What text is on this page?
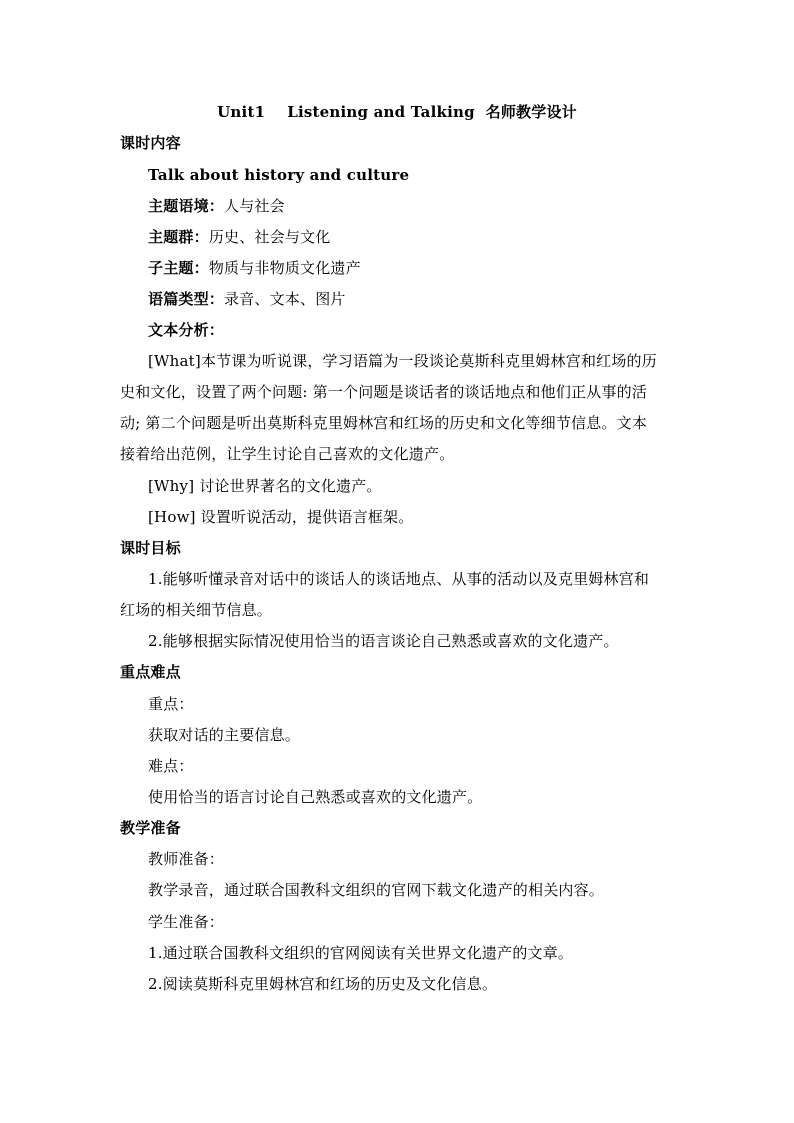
Unit1 Listening and Talking 名师教学设计
课时内容
Talk about history and culture
主题语境：人与社会
主题群：历史、社会与文化
子主题：物质与非物质文化遗产
语篇类型：录音、文本、图片
文本分析：
[What]本节课为听说课，学习语篇为一段谈论莫斯科克里姆林宫和红场的历
史和文化，设置了两个问题: 第一个问题是谈话者的谈话地点和他们正从事的活
动; 第二个问题是听出莫斯科克里姆林宫和红场的历史和文化等细节信息。文本
接着给出范例，让学生讨论自己喜欢的文化遗产。
[Why] 讨论世界著名的文化遗产。
[How] 设置听说活动，提供语言框架。
课时目标
1.能够听懂录音对话中的谈话人的谈话地点、从事的活动以及克里姆林宫和
红场的相关细节信息。
2.能够根据实际情况使用恰当的语言谈论自己熟悉或喜欢的文化遗产。
重点难点
重点：
获取对话的主要信息。
难点：
使用恰当的语言讨论自己熟悉或喜欢的文化遗产。
教学准备
教师准备：
教学录音，通过联合国教科文组织的官网下载文化遗产的相关内容。
学生准备：
1.通过联合国教科文组织的官网阅读有关世界文化遗产的文章。
2.阅读莫斯科克里姆林宫和红场的历史及文化信息。
